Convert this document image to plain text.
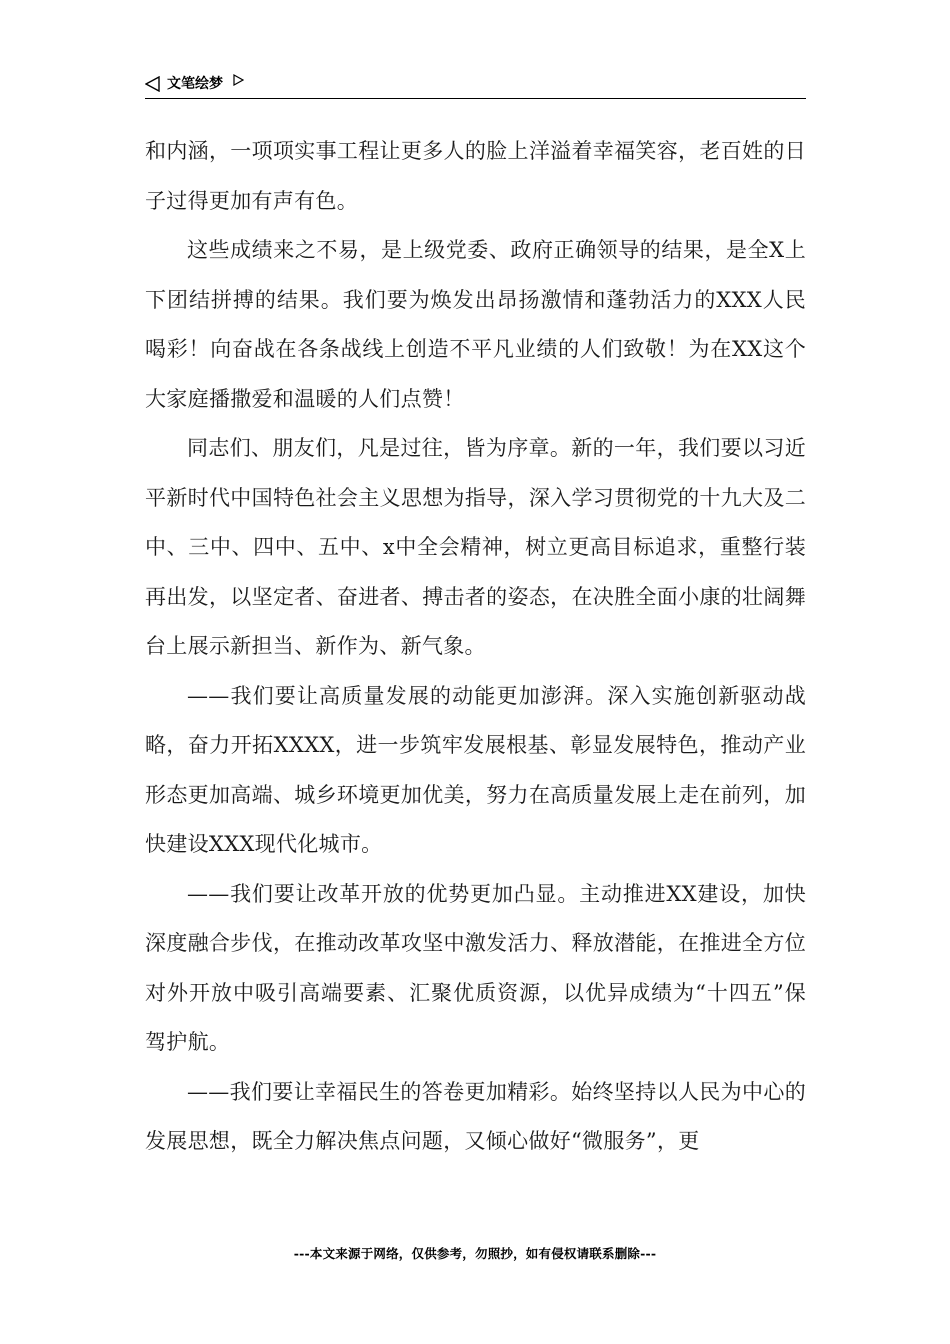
文笔绘梦

和内涵，一项项实事工程让更多人的脸上洋溢着幸福笑容，老百姓的日子过得更加有声有色。

这些成绩来之不易，是上级党委、政府正确领导的结果，是全X上下团结拼搏的结果。我们要为焕发出昂扬激情和蓬勃活力的XXX人民喝彩！向奋战在各条战线上创造不平凡业绩的人们致敬！为在XX这个大家庭播撒爱和温暖的人们点赞！

同志们、朋友们，凡是过往，皆为序章。新的一年，我们要以习近平新时代中国特色社会主义思想为指导，深入学习贯彻党的十九大及二中、三中、四中、五中、x中全会精神，树立更高目标追求，重整行装再出发，以坚定者、奋进者、搏击者的姿态，在决胜全面小康的壮阔舞台上展示新担当、新作为、新气象。

——我们要让高质量发展的动能更加澎湃。深入实施创新驱动战略，奋力开拓XXXX，进一步筑牢发展根基、彰显发展特色，推动产业形态更加高端、城乡环境更加优美，努力在高质量发展上走在前列，加快建设XXX现代化城市。

——我们要让改革开放的优势更加凸显。主动推进XX建设，加快深度融合步伐，在推动改革攻坚中激发活力、释放潜能，在推进全方位对外开放中吸引高端要素、汇聚优质资源，以优异成绩为“十四五”保驾护航。

——我们要让幸福民生的答卷更加精彩。始终坚持以人民为中心的发展思想，既全力解决焦点问题，又倾心做好“微服务”，更

---本文来源于网络，仅供参考，勿照抄，如有侵权请联系删除---
